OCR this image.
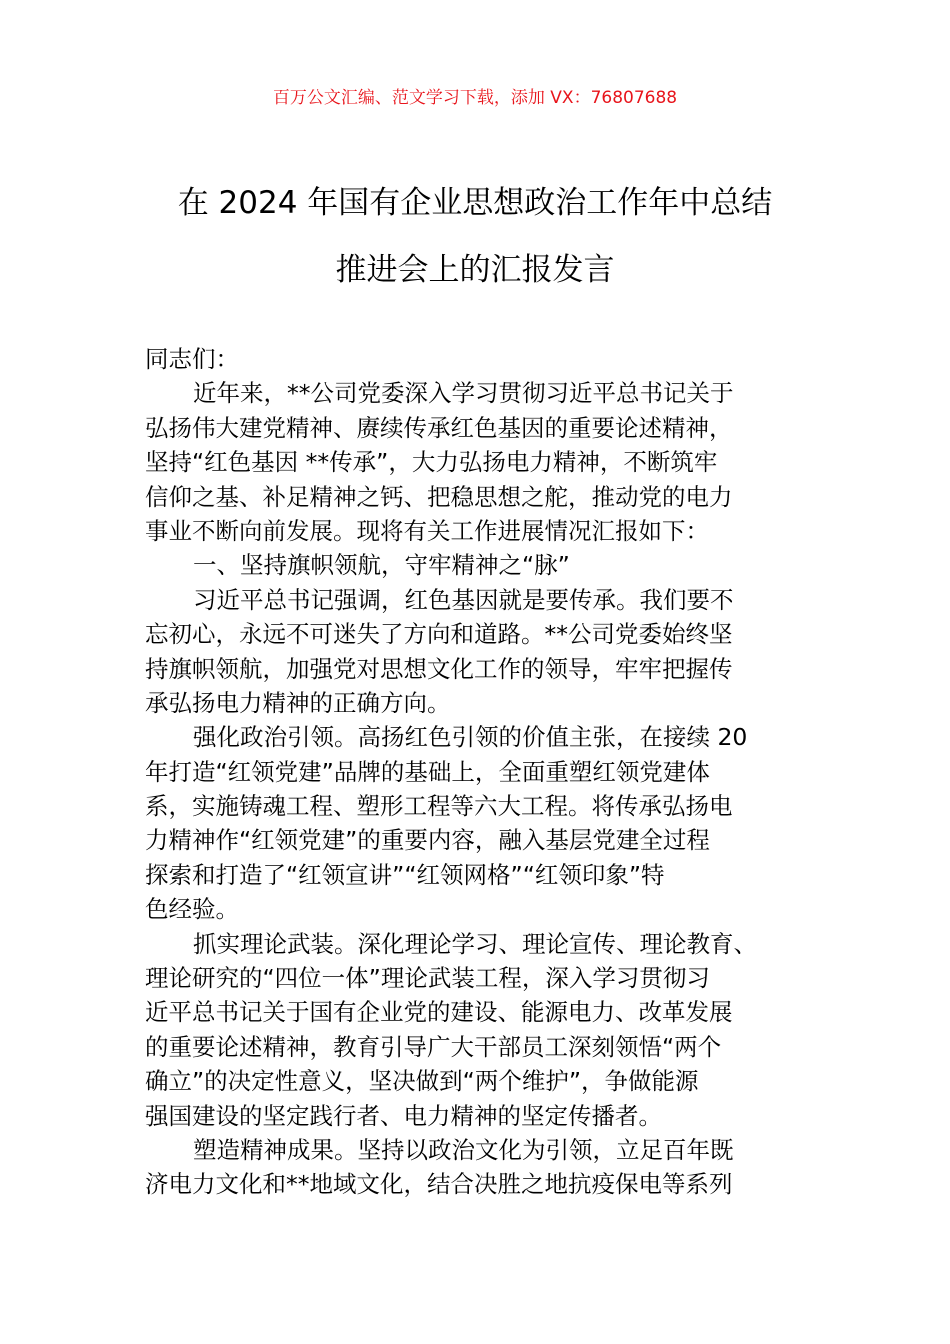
百万公文汇编、范文学习下载，添加 VX：76807688
在 2024 年国有企业思想政治工作年中总结
推进会上的汇报发言
同志们：
近年来，**公司党委深入学习贯彻习近平总书记关于
弘扬伟大建党精神、赓续传承红色基因的重要论述精神，
坚持“红色基因 **传承”，大力弘扬电力精神，不断筑牢
信仰之基、补足精神之钙、把稳思想之舵，推动党的电力
事业不断向前发展。现将有关工作进展情况汇报如下：
一、坚持旗帜领航，守牢精神之“脉”
习近平总书记强调，红色基因就是要传承。我们要不
忘初心，永远不可迷失了方向和道路。**公司党委始终坚
持旗帜领航，加强党对思想文化工作的领导，牢牢把握传
承弘扬电力精神的正确方向。
强化政治引领。高扬红色引领的价值主张，在接续 20
年打造“红领党建”品牌的基础上，全面重塑红领党建体
系，实施铸魂工程、塑形工程等六大工程。将传承弘扬电
力精神作“红领党建”的重要内容，融入基层党建全过程
探索和打造了“红领宣讲”“红领网格”“红领印象”特
色经验。
抓实理论武装。深化理论学习、理论宣传、理论教育、
理论研究的“四位一体”理论武装工程，深入学习贯彻习
近平总书记关于国有企业党的建设、能源电力、改革发展
的重要论述精神，教育引导广大干部员工深刻领悟“两个
确立”的决定性意义，坚决做到“两个维护”，争做能源
强国建设的坚定践行者、电力精神的坚定传播者。
塑造精神成果。坚持以政治文化为引领，立足百年既
济电力文化和**地域文化，结合决胜之地抗疫保电等系列
